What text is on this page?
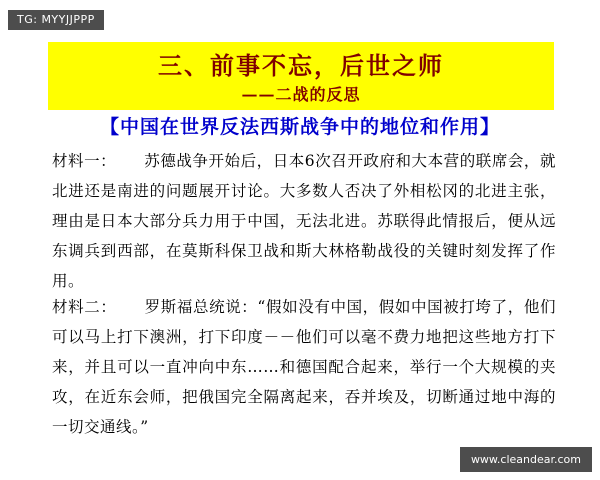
TG: MYYJJPPP
三、前事不忘，后世之师
——二战的反思
【中国在世界反法西斯战争中的地位和作用】
材料一： 苏德战争开始后，日本6次召开政府和大本营的联席会，就北进还是南进的问题展开讨论。大多数人否决了外相松冈的北进主张，理由是日本大部分兵力用于中国，无法北进。苏联得此情报后，便从远东调兵到西部，在莫斯科保卫战和斯大林格勒战役的关键时刻发挥了作用。
材料二： 罗斯福总统说：“假如没有中国，假如中国被打垮了，他们可以马上打下澳洲，打下印度－－他们可以毫不费力地把这些地方打下来，并且可以一直冲向中东……和德国配合起来，举行一个大规模的夹攻，在近东会师，把俄国完全隔离起来，吞并埃及，切断通过地中海的一切交通线。”
www.cleandear.com
